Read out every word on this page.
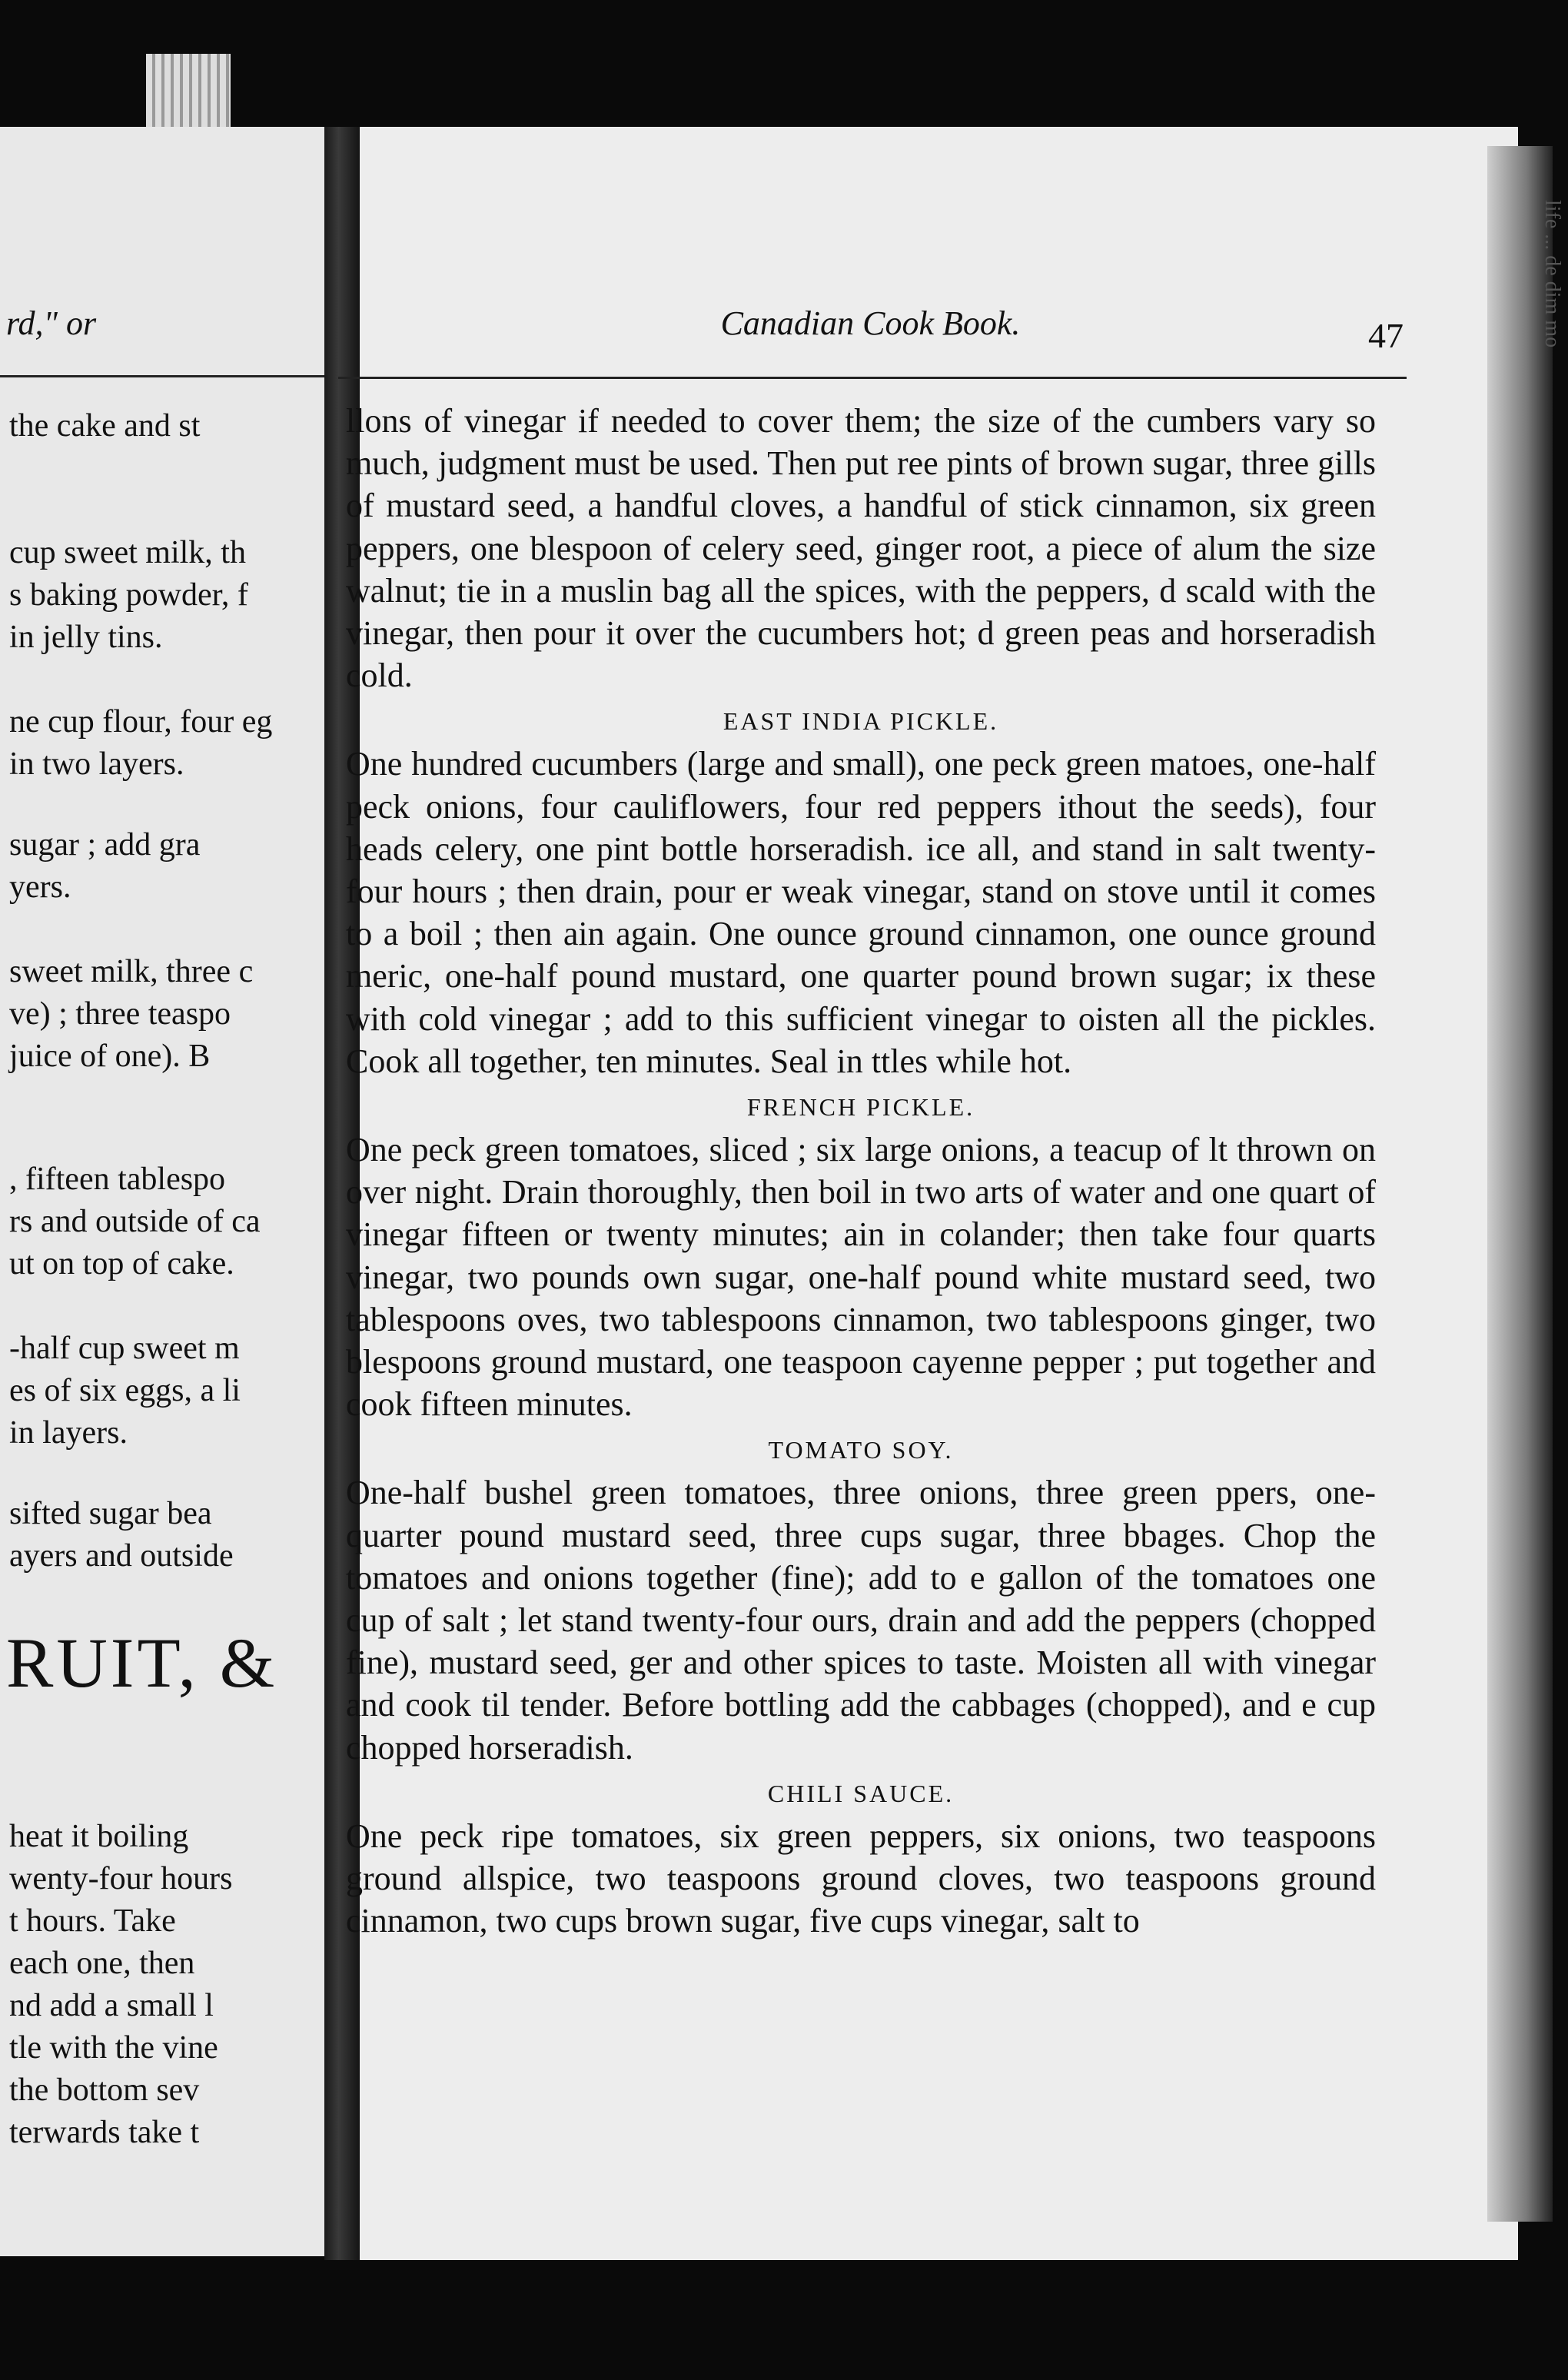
rd," or
the cake and st
cup sweet milk, th
s baking powder, f
in jelly tins.
ne cup flour, four eg
in two layers.
sugar ; add gra
yers.
sweet milk, three c
ve) ; three teaspo
juice of one). B
, fifteen tablespo
rs and outside of ca
ut on top of cake.
-half cup sweet m
es of six eggs, a li
in layers.
sifted sugar bea
ayers and outside
heat it boiling
wenty-four hours
t hours. Take
each one, then
nd add a small l
tle with the vine
the bottom sev
terwards take t
RUIT, &
life ... de dim mo
Canadian Cook Book.	47

llons of vinegar if needed to cover them; the size of the cumbers vary so much, judgment must be used. Then put ree pints of brown sugar, three gills of mustard seed, a handful cloves, a handful of stick cinnamon, six green peppers, one blespoon of celery seed, ginger root, a piece of alum the size walnut; tie in a muslin bag all the spices, with the peppers, d scald with the vinegar, then pour it over the cucumbers hot; d green peas and horseradish cold.

EAST INDIA PICKLE.

One hundred cucumbers (large and small), one peck green matoes, one-half peck onions, four cauliflowers, four red peppers ithout the seeds), four heads celery, one pint bottle horseradish. ice all, and stand in salt twenty-four hours ; then drain, pour er weak vinegar, stand on stove until it comes to a boil ; then ain again. One ounce ground cinnamon, one ounce ground meric, one-half pound mustard, one quarter pound brown sugar; ix these with cold vinegar ; add to this sufficient vinegar to oisten all the pickles. Cook all together, ten minutes. Seal in ttles while hot.

FRENCH PICKLE.

One peck green tomatoes, sliced ; six large onions, a teacup of lt thrown on over night. Drain thoroughly, then boil in two arts of water and one quart of vinegar fifteen or twenty minutes; ain in colander; then take four quarts vinegar, two pounds own sugar, one-half pound white mustard seed, two tablespoons oves, two tablespoons cinnamon, two tablespoons ginger, two blespoons ground mustard, one teaspoon cayenne pepper ; put together and cook fifteen minutes.

TOMATO SOY.

One-half bushel green tomatoes, three onions, three green ppers, one-quarter pound mustard seed, three cups sugar, three bbages. Chop the tomatoes and onions together (fine); add to e gallon of the tomatoes one cup of salt ; let stand twenty-four ours, drain and add the peppers (chopped fine), mustard seed, ger and other spices to taste. Moisten all with vinegar and cook til tender. Before bottling add the cabbages (chopped), and e cup chopped horseradish.

CHILI SAUCE.

One peck ripe tomatoes, six green peppers, six onions, two teaspoons ground allspice, two teaspoons ground cloves, two teaspoons ground cinnamon, two cups brown sugar, five cups vinegar, salt to
